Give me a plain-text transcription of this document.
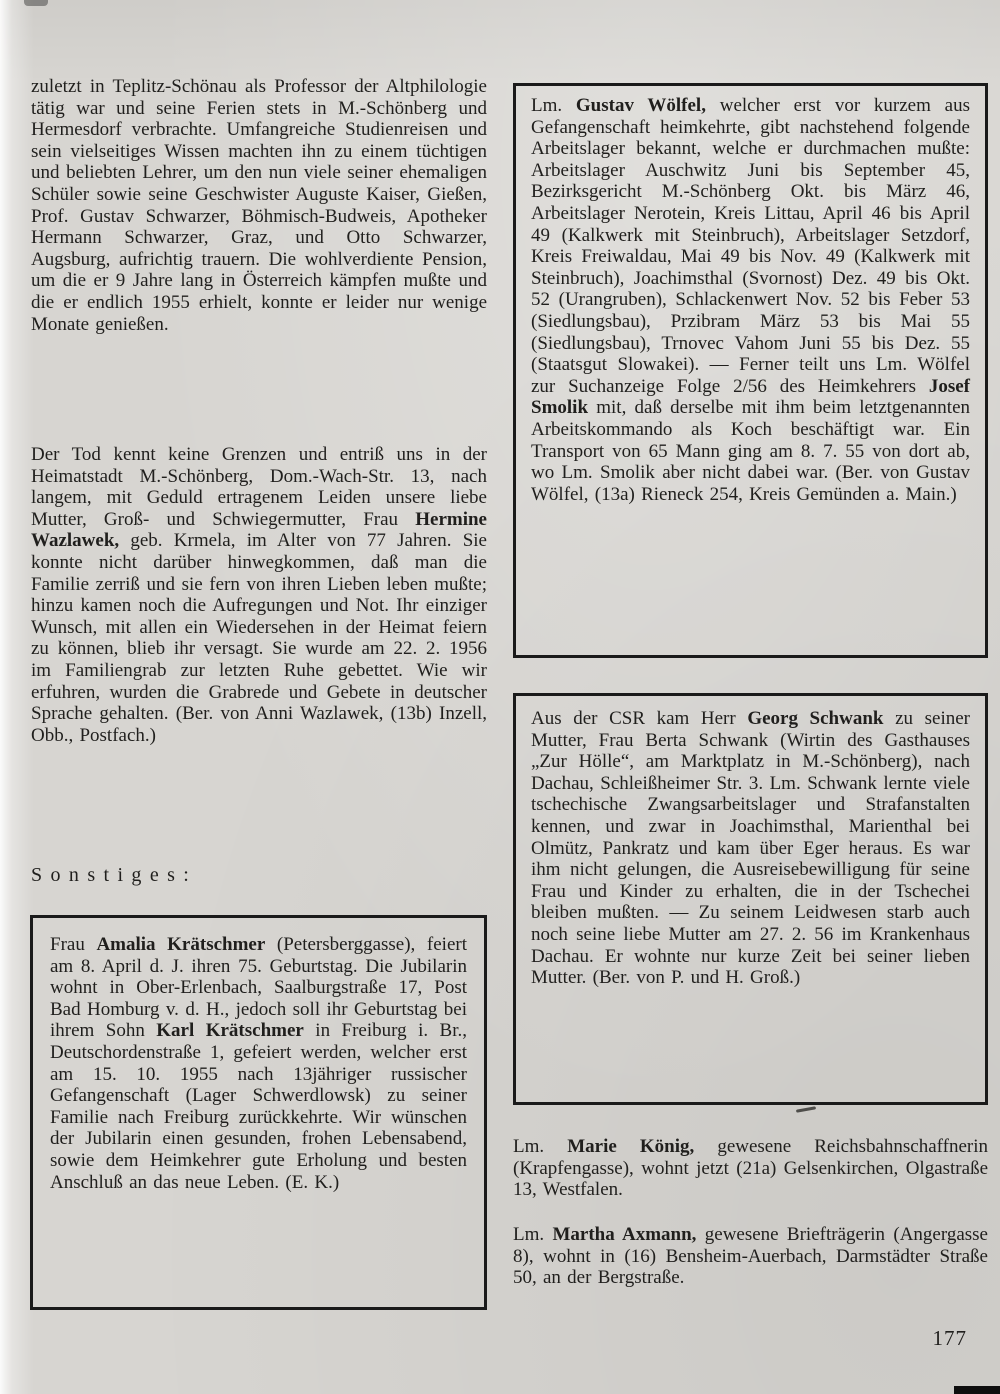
zuletzt in Teplitz-Schönau als Professor der Altphilologie tätig war und seine Ferien stets in M.-Schönberg und Hermesdorf verbrachte. Umfangreiche Studienreisen und sein vielseitiges Wissen machten ihn zu einem tüchtigen und beliebten Lehrer, um den nun viele seiner ehemaligen Schüler sowie seine Geschwister Auguste Kaiser, Gießen, Prof. Gustav Schwarzer, Böhmisch-Budweis, Apotheker Hermann Schwarzer, Graz, und Otto Schwarzer, Augsburg, aufrichtig trauern. Die wohlverdiente Pension, um die er 9 Jahre lang in Österreich kämpfen mußte und die er endlich 1955 erhielt, konnte er leider nur wenige Monate genießen.

Der Tod kennt keine Grenzen und entriß uns in der Heimatstadt M.-Schönberg, Dom.-Wach-Str. 13, nach langem, mit Geduld ertragenem Leiden unsere liebe Mutter, Groß- und Schwiegermutter, Frau Hermine Wazlawek, geb. Krmela, im Alter von 77 Jahren. Sie konnte nicht darüber hinwegkommen, daß man die Familie zerriß und sie fern von ihren Lieben leben mußte; hinzu kamen noch die Aufregungen und Not. Ihr einziger Wunsch, mit allen ein Wiedersehen in der Heimat feiern zu können, blieb ihr versagt. Sie wurde am 22. 2. 1956 im Familiengrab zur letzten Ruhe gebettet. Wie wir erfuhren, wurden die Grabrede und Gebete in deutscher Sprache gehalten. (Ber. von Anni Wazlawek, (13b) Inzell, Obb., Postfach.)

Sonstiges:

Frau Amalia Krätschmer (Petersberggasse), feiert am 8. April d. J. ihren 75. Geburtstag. Die Jubilarin wohnt in Ober-Erlenbach, Saalburgstraße 17, Post Bad Homburg v. d. H., jedoch soll ihr Geburtstag bei ihrem Sohn Karl Krätschmer in Freiburg i. Br., Deutschordenstraße 1, gefeiert werden, welcher erst am 15. 10. 1955 nach 13jähriger russischer Gefangenschaft (Lager Schwerdlowsk) zu seiner Familie nach Freiburg zurückkehrte. Wir wünschen der Jubilarin einen gesunden, frohen Lebensabend, sowie dem Heimkehrer gute Erholung und besten Anschluß an das neue Leben. (E. K.)

Lm. Gustav Wölfel, welcher erst vor kurzem aus Gefangenschaft heimkehrte, gibt nachstehend folgende Arbeitslager bekannt, welche er durchmachen mußte: Arbeitslager Auschwitz Juni bis September 45, Bezirksgericht M.-Schönberg Okt. bis März 46, Arbeitslager Nerotein, Kreis Littau, April 46 bis April 49 (Kalkwerk mit Steinbruch), Arbeitslager Setzdorf, Kreis Freiwaldau, Mai 49 bis Nov. 49 (Kalkwerk mit Steinbruch), Joachimsthal (Svornost) Dez. 49 bis Okt. 52 (Urangruben), Schlackenwert Nov. 52 bis Feber 53 (Siedlungsbau), Przibram März 53 bis Mai 55 (Siedlungsbau), Trnovec Vahom Juni 55 bis Dez. 55 (Staatsgut Slowakei). — Ferner teilt uns Lm. Wölfel zur Suchanzeige Folge 2/56 des Heimkehrers Josef Smolik mit, daß derselbe mit ihm beim letztgenannten Arbeitskommando als Koch beschäftigt war. Ein Transport von 65 Mann ging am 8. 7. 55 von dort ab, wo Lm. Smolik aber nicht dabei war. (Ber. von Gustav Wölfel, (13a) Rieneck 254, Kreis Gemünden a. Main.)

Aus der CSR kam Herr Georg Schwank zu seiner Mutter, Frau Berta Schwank (Wirtin des Gasthauses „Zur Hölle“, am Marktplatz in M.-Schönberg), nach Dachau, Schleißheimer Str. 3. Lm. Schwank lernte viele tschechische Zwangsarbeitslager und Strafanstalten kennen, und zwar in Joachimsthal, Marienthal bei Olmütz, Pankratz und kam über Eger heraus. Es war ihm nicht gelungen, die Ausreisebewilligung für seine Frau und Kinder zu erhalten, die in der Tschechei bleiben mußten. — Zu seinem Leidwesen starb auch noch seine liebe Mutter am 27. 2. 56 im Krankenhaus Dachau. Er wohnte nur kurze Zeit bei seiner lieben Mutter. (Ber. von P. und H. Groß.)

Lm. Marie König, gewesene Reichsbahnschaffnerin (Krapfengasse), wohnt jetzt (21a) Gelsenkirchen, Olgastraße 13, Westfalen.

Lm. Martha Axmann, gewesene Briefträgerin (Angergasse 8), wohnt in (16) Bensheim-Auerbach, Darmstädter Straße 50, an der Bergstraße.

177
